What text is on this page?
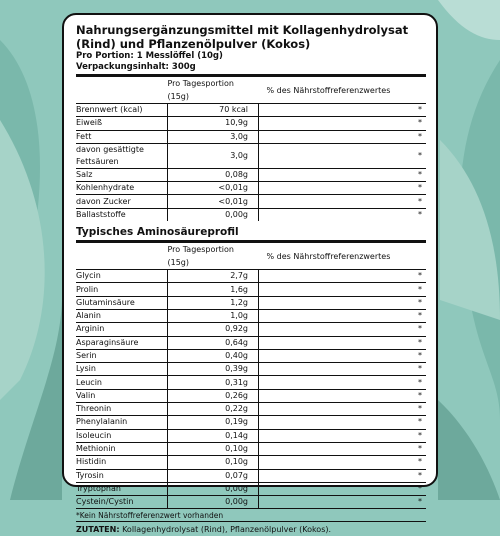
Nahrungsergänzungsmittel mit Kollagenhydrolysat (Rind) und Pflanzenölpulver (Kokos)
Pro Portion: 1 Messlöffel (10g)
Verpackungsinhalt: 300g
	Pro Tagesportion (15g)	% des Nährstoffreferenzwertes
Brennwert (kcal)	70 kcal	*
Eiweiß	10,9g	*
Fett	3,0g	*
davon gesättigte Fettsäuren	3,0g	*
Salz	0,08g	*
Kohlenhydrate	<0,01g	*
davon Zucker	<0,01g	*
Ballaststoffe	0,00g	*
Typisches Aminosäureprofil
	Pro Tagesportion (15g)	% des Nährstoffreferenzwertes
Glycin	2,7g	*
Prolin	1,6g	*
Glutaminsäure	1,2g	*
Alanin	1,0g	*
Arginin	0,92g	*
Asparaginsäure	0,64g	*
Serin	0,40g	*
Lysin	0,39g	*
Leucin	0,31g	*
Valin	0,26g	*
Threonin	0,22g	*
Phenylalanin	0,19g	*
Isoleucin	0,14g	*
Methionin	0,10g	*
Histidin	0,10g	*
Tyrosin	0,07g	*
Tryptophan	0,00g	*
Cystein/Cystin	0,00g	*
*Kein Nährstoffreferenzwert vorhanden
ZUTATEN: Kollagenhydrolysat (Rind), Pflanzenölpulver (Kokos).
